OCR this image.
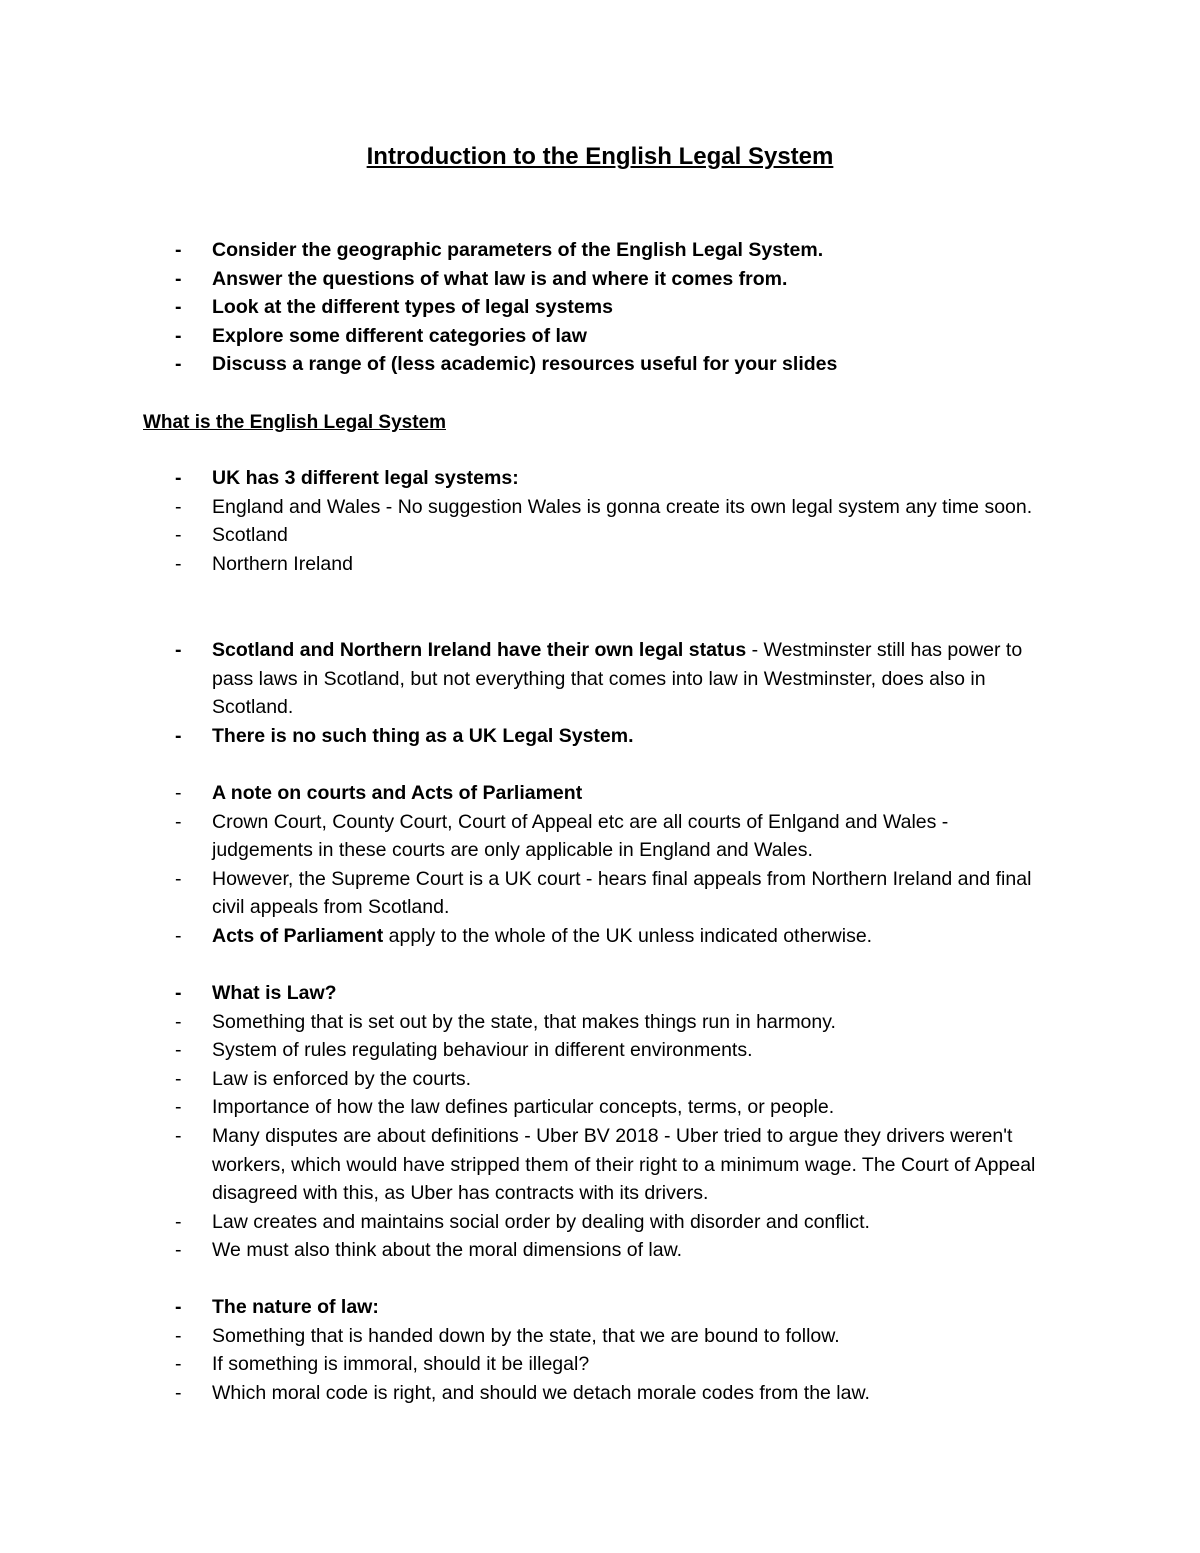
Introduction to the English Legal System
- Consider the geographic parameters of the English Legal System.
- Answer the questions of what law is and where it comes from.
- Look at the different types of legal systems
- Explore some different categories of law
- Discuss a range of (less academic) resources useful for your slides
What is the English Legal System
- UK has 3 different legal systems:
- England and Wales - No suggestion Wales is gonna create its own legal system any time soon.
- Scotland
- Northern Ireland
- Scotland and Northern Ireland have their own legal status - Westminster still has power to pass laws in Scotland, but not everything that comes into law in Westminster, does also in Scotland.
- There is no such thing as a UK Legal System.
- A note on courts and Acts of Parliament
- Crown Court, County Court, Court of Appeal etc are all courts of Enlgand and Wales - judgements in these courts are only applicable in England and Wales.
- However, the Supreme Court is a UK court - hears final appeals from Northern Ireland and final civil appeals from Scotland.
- Acts of Parliament apply to the whole of the UK unless indicated otherwise.
- What is Law?
- Something that is set out by the state, that makes things run in harmony.
- System of rules regulating behaviour in different environments.
- Law is enforced by the courts.
- Importance of how the law defines particular concepts, terms, or people.
- Many disputes are about definitions - Uber BV 2018 - Uber tried to argue they drivers weren't workers, which would have stripped them of their right to a minimum wage. The Court of Appeal disagreed with this, as Uber has contracts with its drivers.
- Law creates and maintains social order by dealing with disorder and conflict.
- We must also think about the moral dimensions of law.
- The nature of law:
- Something that is handed down by the state, that we are bound to follow.
- If something is immoral, should it be illegal?
- Which moral code is right, and should we detach morale codes from the law.
